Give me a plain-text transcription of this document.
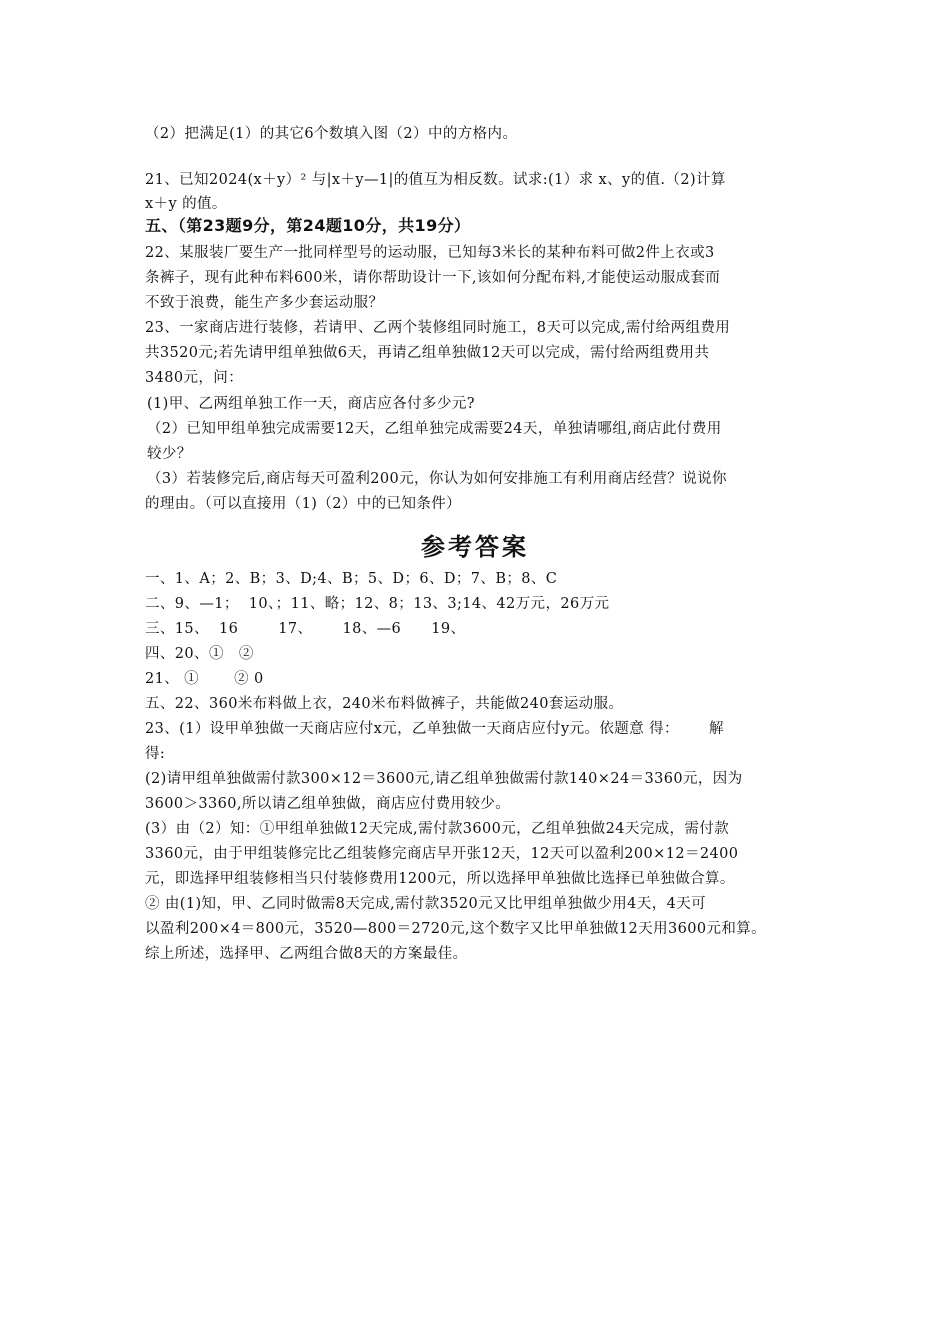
（2）把满足(1）的其它6个数填入图（2）中的方格内。
21、已知2024(x＋y）² 与|x＋y—1|的值互为相反数。试求:(1）求 x、y的值.（2)计算
x＋y 的值。
五、（第23题9分，第24题10分，共19分）
22、某服装厂要生产一批同样型号的运动服，已知每3米长的某种布料可做2件上衣或3
条裤子，现有此种布料600米，请你帮助设计一下,该如何分配布料,才能使运动服成套而
不致于浪费，能生产多少套运动服？
23、一家商店进行装修，若请甲、乙两个装修组同时施工，8天可以完成,需付给两组费用
共3520元;若先请甲组单独做6天，再请乙组单独做12天可以完成，需付给两组费用共
3480元，问：
(1)甲、乙两组单独工作一天，商店应各付多少元?
（2）已知甲组单独完成需要12天，乙组单独完成需要24天，单独请哪组,商店此付费用
较少？
（3）若装修完后,商店每天可盈利200元，你认为如何安排施工有利用商店经营？说说你
的理由。（可以直接用（1)（2）中的已知条件）
参考答案
一、1、A；2、B；3、D;4、B；5、D；6、D；7、B；8、C
二、9、—1；  10、；11、略；12、8；13、3;14、42万元，26万元
三、15、  16        17、      18、—6      19、
四、20、①   ②
21、 ①       ② 0
五、22、360米布料做上衣，240米布料做裤子，共能做240套运动服。
23、(1）设甲单独做一天商店应付x元，乙单独做一天商店应付y元。依题意 得：      解
得:
(2)请甲组单独做需付款300×12＝3600元,请乙组单独做需付款140×24＝3360元，因为
3600＞3360,所以请乙组单独做，商店应付费用较少。
(3）由（2）知：①甲组单独做12天完成,需付款3600元，乙组单独做24天完成，需付款
3360元，由于甲组装修完比乙组装修完商店早开张12天，12天可以盈利200×12＝2400
元，即选择甲组装修相当只付装修费用1200元，所以选择甲单独做比选择已单独做合算。
② 由(1)知，甲、乙同时做需8天完成,需付款3520元又比甲组单独做少用4天，4天可
以盈利200×4＝800元，3520—800＝2720元,这个数字又比甲单独做12天用3600元和算。
综上所述，选择甲、乙两组合做8天的方案最佳。
